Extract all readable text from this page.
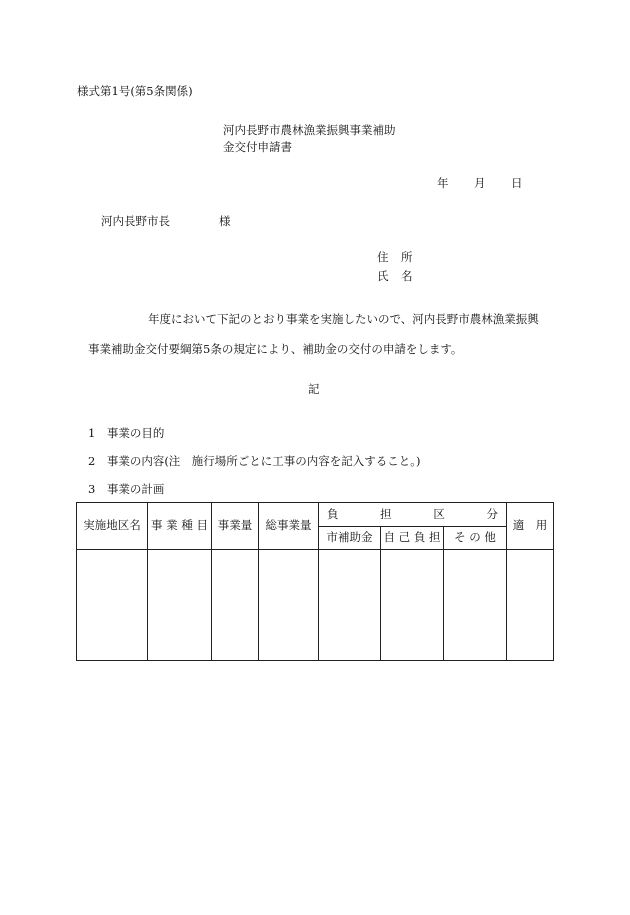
様式第1号(第5条関係)
河内長野市農林漁業振興事業補助
金交付申請書
年 月 日
河内長野市長	様
住 所
氏 名
年度において下記のとおり事業を実施したいので、河内長野市農林漁業振興
事業補助金交付要綱第5条の規定により、補助金の交付の申請をします。
記
1　事業の目的
2　事業の内容(注　施行場所ごとに工事の内容を記入すること。)
3　事業の計画
実施地区名	事 業 種 目	事業量	総事業量	負 担 区 分			適　用
				市補助金	自 己 負 担	そ の 他	
